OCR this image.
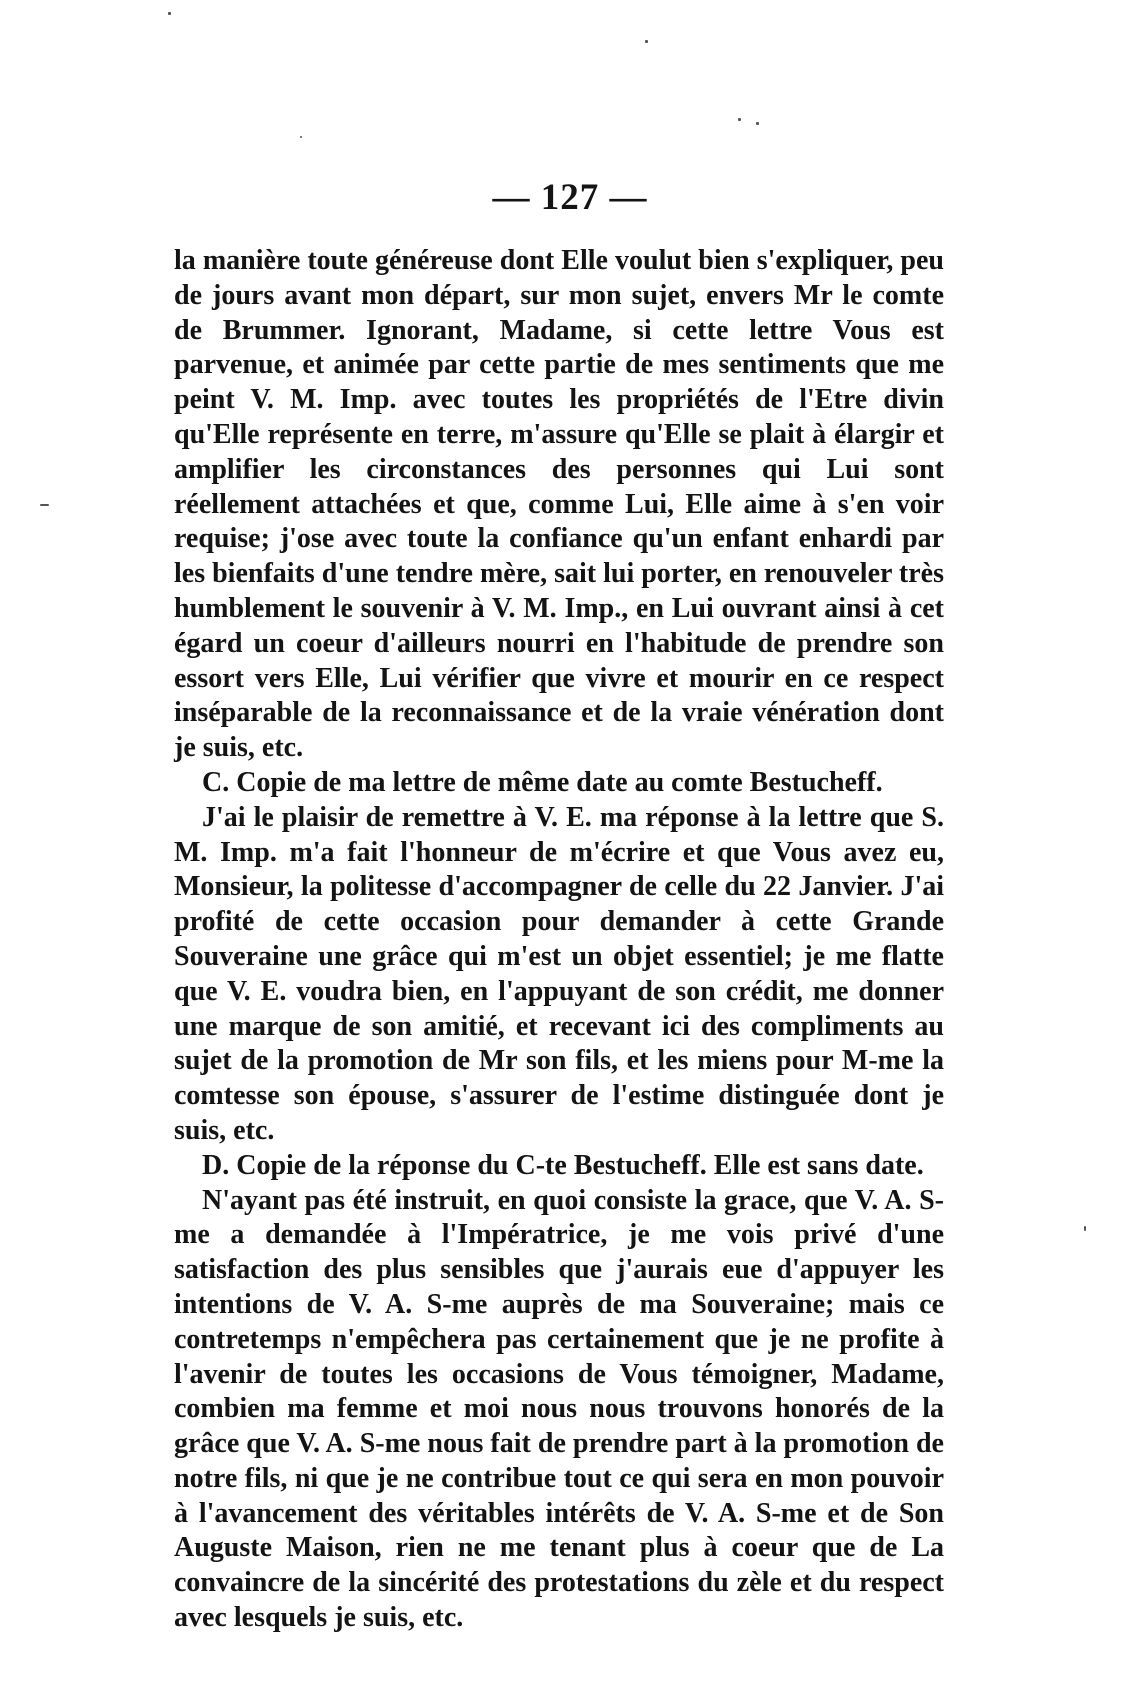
— 127 —

la manière toute généreuse dont Elle voulut bien s'expliquer, peu de jours avant mon départ, sur mon sujet, envers Mr le comte de Brummer. Ignorant, Madame, si cette lettre Vous est parvenue, et animée par cette partie de mes sentiments que me peint V. M. Imp. avec toutes les propriétés de l'Etre divin qu'Elle représente en terre, m'assure qu'Elle se plait à élargir et amplifier les circonstances des personnes qui Lui sont réellement attachées et que, comme Lui, Elle aime à s'en voir requise; j'ose avec toute la confiance qu'un enfant enhardi par les bienfaits d'une tendre mère, sait lui porter, en renouveler très humblement le souvenir à V. M. Imp., en Lui ouvrant ainsi à cet égard un coeur d'ailleurs nourri en l'habitude de prendre son essort vers Elle, Lui vérifier que vivre et mourir en ce respect inséparable de la reconnaissance et de la vraie vénération dont je suis, etc.

C. Copie de ma lettre de même date au comte Bestucheff.

J'ai le plaisir de remettre à V. E. ma réponse à la lettre que S. M. Imp. m'a fait l'honneur de m'écrire et que Vous avez eu, Monsieur, la politesse d'accompagner de celle du 22 Janvier. J'ai profité de cette occasion pour demander à cette Grande Souveraine une grâce qui m'est un objet essentiel; je me flatte que V. E. voudra bien, en l'appuyant de son crédit, me donner une marque de son amitié, et recevant ici des compliments au sujet de la promotion de Mr son fils, et les miens pour M-me la comtesse son épouse, s'assurer de l'estime distinguée dont je suis, etc.

D. Copie de la réponse du C-te Bestucheff. Elle est sans date.

N'ayant pas été instruit, en quoi consiste la grace, que V. A. S-me a demandée à l'Impératrice, je me vois privé d'une satisfaction des plus sensibles que j'aurais eue d'appuyer les intentions de V. A. S-me auprès de ma Souveraine; mais ce contretemps n'empêchera pas certainement que je ne profite à l'avenir de toutes les occasions de Vous témoigner, Madame, combien ma femme et moi nous nous trouvons honorés de la grâce que V. A. S-me nous fait de prendre part à la promotion de notre fils, ni que je ne contribue tout ce qui sera en mon pouvoir à l'avancement des véritables intérêts de V. A. S-me et de Son Auguste Maison, rien ne me tenant plus à coeur que de La convaincre de la sincérité des protestations du zèle et du respect avec lesquels je suis, etc.
